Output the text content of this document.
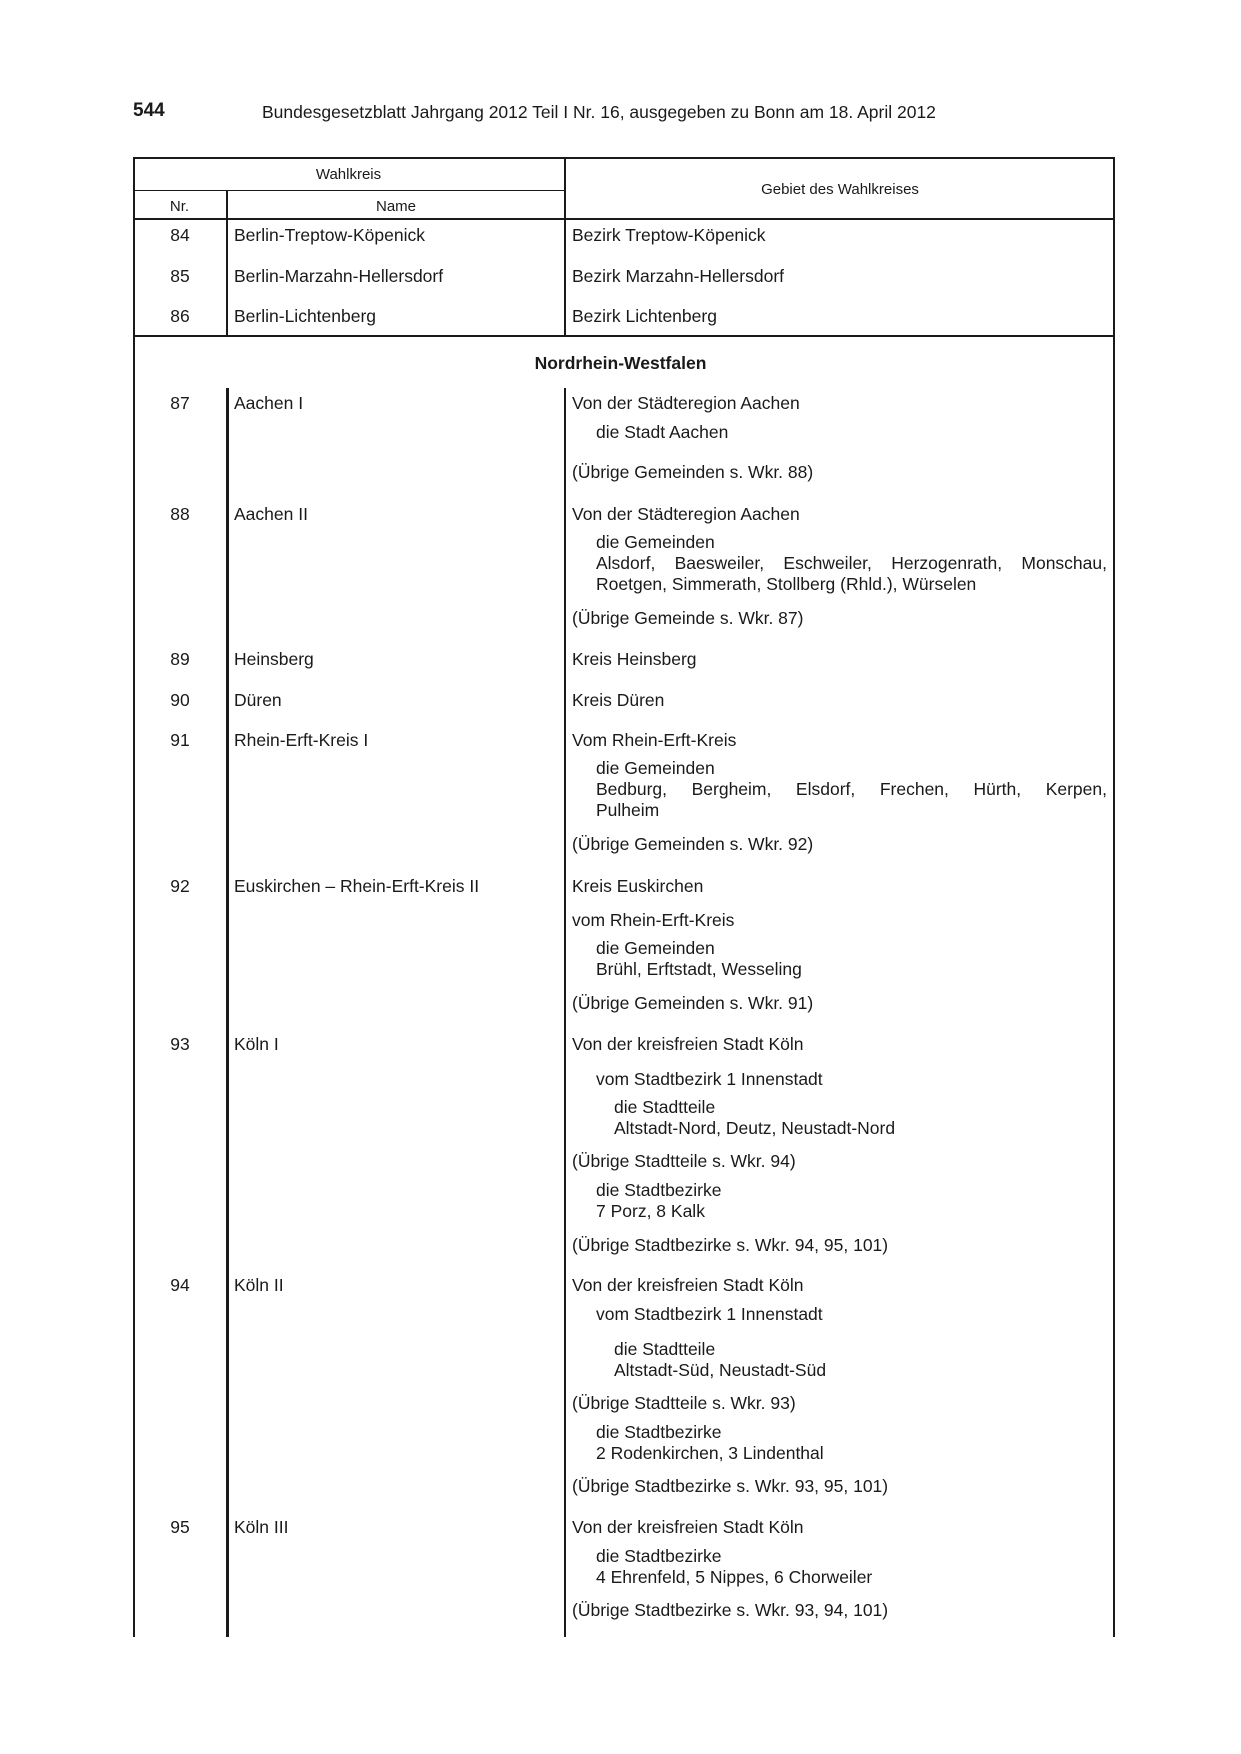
544	Bundesgesetzblatt Jahrgang 2012 Teil I Nr. 16, ausgegeben zu Bonn am 18. April 2012
Wahlkreis
Nr.	Name
Gebiet des Wahlkreises
84	Berlin-Treptow-Köpenick	Bezirk Treptow-Köpenick
85	Berlin-Marzahn-Hellersdorf	Bezirk Marzahn-Hellersdorf
86	Berlin-Lichtenberg	Bezirk Lichtenberg
Nordrhein-Westfalen
87	Aachen I	Von der Städteregion Aachen
die Stadt Aachen
(Übrige Gemeinden s. Wkr. 88)
88	Aachen II	Von der Städteregion Aachen
die Gemeinden
Alsdorf, Baesweiler, Eschweiler, Herzogenrath, Monschau,
Roetgen, Simmerath, Stollberg (Rhld.), Würselen
(Übrige Gemeinde s. Wkr. 87)
89	Heinsberg	Kreis Heinsberg
90	Düren	Kreis Düren
91	Rhein-Erft-Kreis I	Vom Rhein-Erft-Kreis
die Gemeinden
Bedburg, Bergheim, Elsdorf, Frechen, Hürth, Kerpen,
Pulheim
(Übrige Gemeinden s. Wkr. 92)
92	Euskirchen – Rhein-Erft-Kreis II	Kreis Euskirchen
vom Rhein-Erft-Kreis
die Gemeinden
Brühl, Erftstadt, Wesseling
(Übrige Gemeinden s. Wkr. 91)
93	Köln I	Von der kreisfreien Stadt Köln
vom Stadtbezirk 1 Innenstadt
die Stadtteile
Altstadt-Nord, Deutz, Neustadt-Nord
(Übrige Stadtteile s. Wkr. 94)
die Stadtbezirke
7 Porz, 8 Kalk
(Übrige Stadtbezirke s. Wkr. 94, 95, 101)
94	Köln II	Von der kreisfreien Stadt Köln
vom Stadtbezirk 1 Innenstadt
die Stadtteile
Altstadt-Süd, Neustadt-Süd
(Übrige Stadtteile s. Wkr. 93)
die Stadtbezirke
2 Rodenkirchen, 3 Lindenthal
(Übrige Stadtbezirke s. Wkr. 93, 95, 101)
95	Köln III	Von der kreisfreien Stadt Köln
die Stadtbezirke
4 Ehrenfeld, 5 Nippes, 6 Chorweiler
(Übrige Stadtbezirke s. Wkr. 93, 94, 101)
